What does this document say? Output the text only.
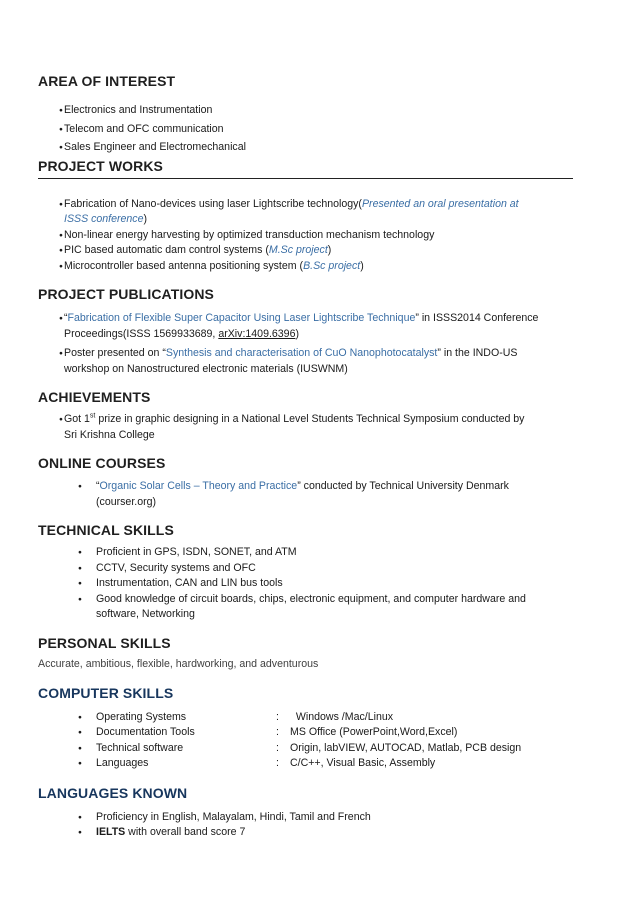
AREA OF INTEREST
●
Electronics and Instrumentation
●
Telecom and OFC communication
●
Sales Engineer and Electromechanical
PROJECT WORKS
●
Fabrication of Nano-devices using laser Lightscribe technology(Presented an oral presentation at
ISSS conference)
●
Non-linear energy harvesting by optimized transduction mechanism technology
●
PIC based automatic dam control systems (M.Sc project)
●
Microcontroller based antenna positioning system (B.Sc project)
PROJECT PUBLICATIONS
●
“Fabrication of Flexible Super Capacitor Using Laser Lightscribe Technique” in ISSS2014 Conference
Proceedings(ISSS 1569933689, arXiv:1409.6396)
●
Poster presented on “Synthesis and characterisation of CuO Nanophotocatalyst” in the INDO-US
workshop on Nanostructured electronic materials (IUSWNM)
ACHIEVEMENTS
●
Got 1st prize in graphic designing in a National Level Students Technical Symposium conducted by
Sri Krishna College
ONLINE COURSES
●
“Organic Solar Cells – Theory and Practice” conducted by Technical University Denmark
(courser.org)
TECHNICAL SKILLS
●
Proficient in GPS, ISDN, SONET, and ATM
●
CCTV, Security systems and OFC
●
Instrumentation, CAN and LIN bus tools
●
Good knowledge of circuit boards, chips, electronic equipment, and computer hardware and
software, Networking
PERSONAL SKILLS
Accurate, ambitious, flexible, hardworking, and adventurous
COMPUTER SKILLS
●
Operating Systems	:	Windows /Mac/Linux
●
Documentation Tools	:	MS Office (PowerPoint,Word,Excel)
●
Technical software	:	Origin, labVIEW, AUTOCAD, Matlab, PCB design
●
Languages	:	C/C++, Visual Basic, Assembly
LANGUAGES KNOWN
●
Proficiency in English, Malayalam, Hindi, Tamil and French
●
IELTS with overall band score 7
